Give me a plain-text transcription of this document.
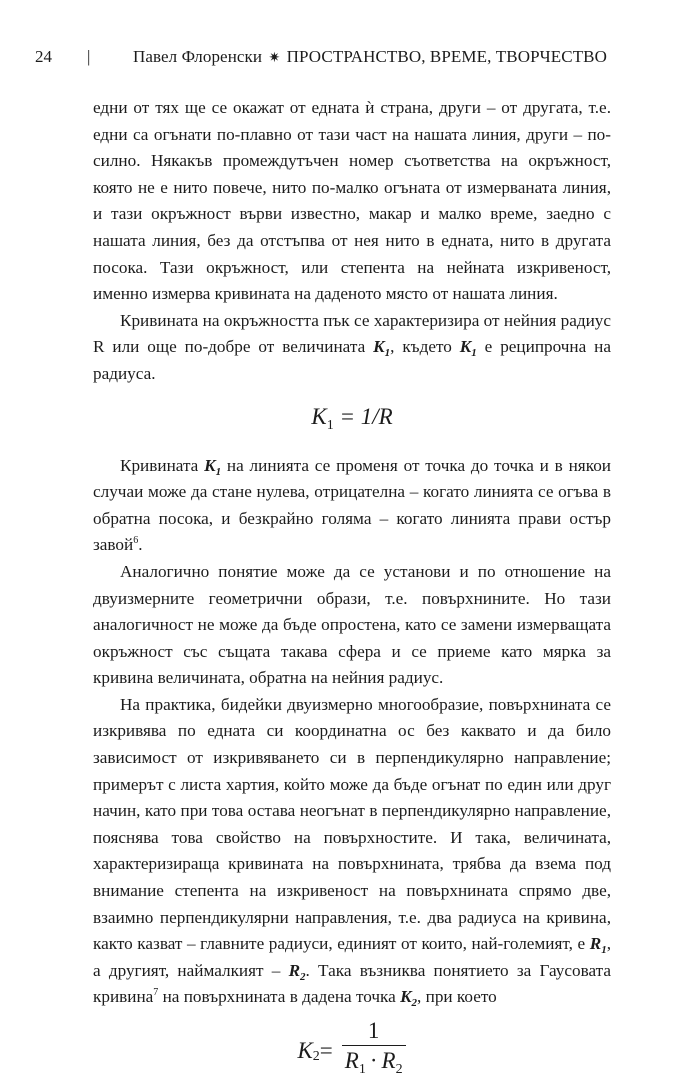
24 |	Павел Флоренски ✷ ПРОСТРАНСТВО, ВРЕМЕ, ТВОРЧЕСТВО

едни от тях ще се окажат от едната ѝ страна, други – от другата, т.е. едни са огънати по-плавно от тази част на нашата линия, други – по-силно. Някакъв промеждутъчен номер съответства на окръжност, която не е нито повече, нито по-малко огъната от измерваната линия, и тази окръжност върви известно, макар и малко време, заедно с нашата линия, без да отстъпва от нея нито в едната, нито в другата посока. Тази окръжност, или степента на нейната изкривеност, именно измерва кривината на даденото място от нашата линия.

Кривината на окръжността пък се характеризира от нейния радиус R или още по-добре от величината $K_1$, където $K_1$ е реципрочна на радиуса.

$K_1 = 1/R$

Кривината $K_1$ на линията се променя от точка до точка и в някои случаи може да стане нулева, отрицателна – когато линията се огъва в обратна посока, и безкрайно голяма – когато линията прави остър завой$^6$.

Аналогично понятие може да се установи и по отношение на двуизмерните геометрични образи, т.е. повърхнините. Но тази аналогичност не може да бъде опростена, като се замени измерващата окръжност със същата такава сфера и се приеме като мярка за кривина величината, обратна на нейния радиус.

На практика, бидейки двуизмерно многообразие, повърхнината се изкривява по едната си координатна ос без каквато и да било зависимост от изкривяването си в перпендикулярно направление; примерът с листа хартия, който може да бъде огънат по един или друг начин, като при това остава неогънат в перпендикулярно направление, пояснява това свойство на повърхностите. И така, величината, характеризираща кривината на повърхнината, трябва да взема под внимание степента на изкривеност на повърхнината спрямо две, взаимно перпендикулярни направления, т.е. два радиуса на кривина, както казват – главните радиуси, единият от които, най-големият, е $R_1$, а другият, наймалкият – $R_2$. Така възниква понятието за Гаусовата кривина$^7$ на повърхнината в дадена точка $K_2$, при което

K $_2 = \frac{1}{R_1 \cdot R_2}$
